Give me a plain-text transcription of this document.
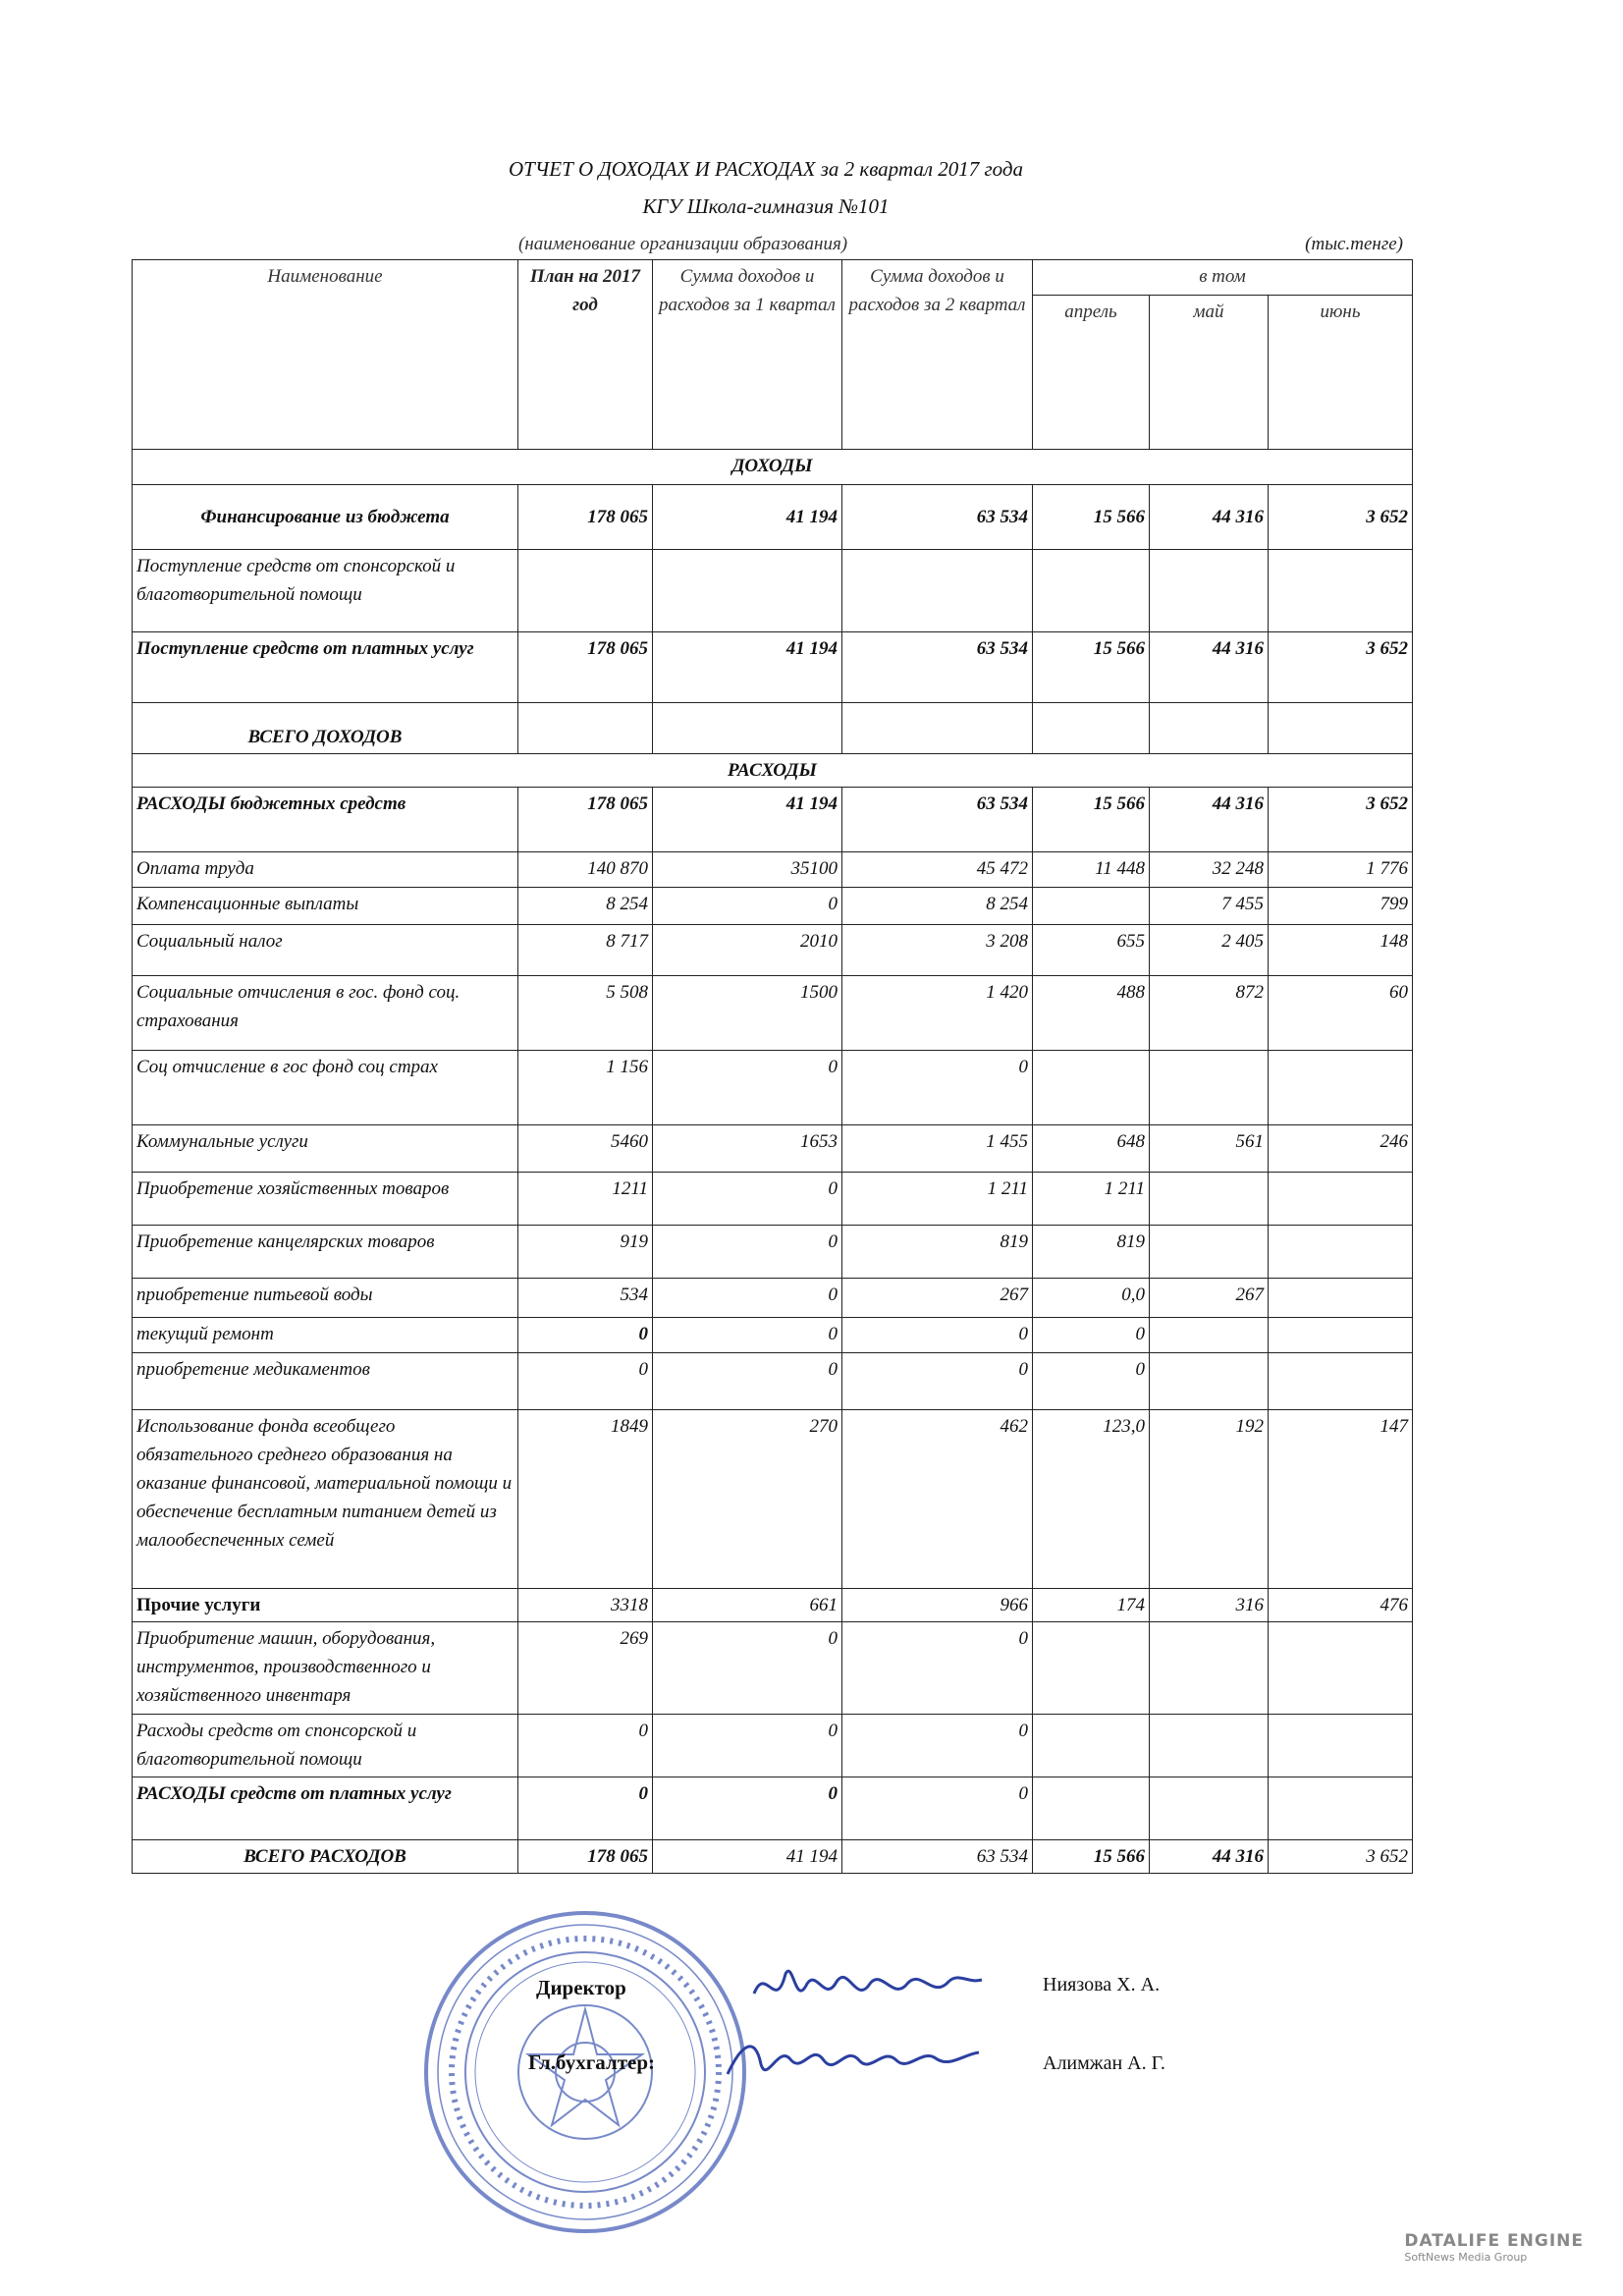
ОТЧЕТ О ДОХОДАХ И РАСХОДАХ за 2 квартал 2017 года
КГУ Школа-гимназия №101
(наименование организации образования)	(тыс.тенге)
Наименование	План на 2017 год	Сумма доходов и расходов за 1 квартал	Сумма доходов и расходов за 2 квартал	в том		
				апрель	май	июнь
ДОХОДЫ						
Финансирование из бюджета	178 065	41 194	63 534	15 566	44 316	3 652
Поступление средств от спонсорской и благотворительной помощи						
Поступление средств от платных услуг	178 065	41 194	63 534	15 566	44 316	3 652
ВСЕГО ДОХОДОВ						
РАСХОДЫ						
РАСХОДЫ бюджетных средств	178 065	41 194	63 534	15 566	44 316	3 652
Оплата труда	140 870	35100	45 472	11 448	32 248	1 776
Компенсационные выплаты	8 254	0	8 254		7 455	799
Социальный налог	8 717	2010	3 208	655	2 405	148
Социальные отчисления в гос. фонд соц. страхования	5 508	1500	1 420	488	872	60
Соц отчисление в гос фонд соц страх	1 156	0	0			
Коммунальные услуги	5460	1653	1 455	648	561	246
Приобретение хозяйственных товаров	1211	0	1 211	1 211		
Приобретение канцелярских товаров	919	0	819	819		
приобретение питьевой воды	534	0	267	0,0	267	
текущий ремонт	0	0	0	0		
приобретение медикаментов	0	0	0	0		
Использование фонда всеобщего обязательного среднего образования на оказание финансовой, материальной помощи и обеспечение бесплатным питанием детей из малообеспеченных семей	1849	270	462	123,0	192	147
Прочие услуги	3318	661	966	174	316	476
Приобритение машин, оборудования, инструментов, производственного и хозяйственного инвентаря	269	0	0			
Расходы средств от спонсорской и благотворительной помощи	0	0	0			
РАСХОДЫ средств от платных услуг	0	0	0			
ВСЕГО РАСХОДОВ	178 065	41 194	63 534	15 566	44 316	3 652
Директор	Ниязова Х. А.
Гл.бухгалтер:	Алимжан А. Г.
DATALIFE ENGINE
SoftNews Media Group
